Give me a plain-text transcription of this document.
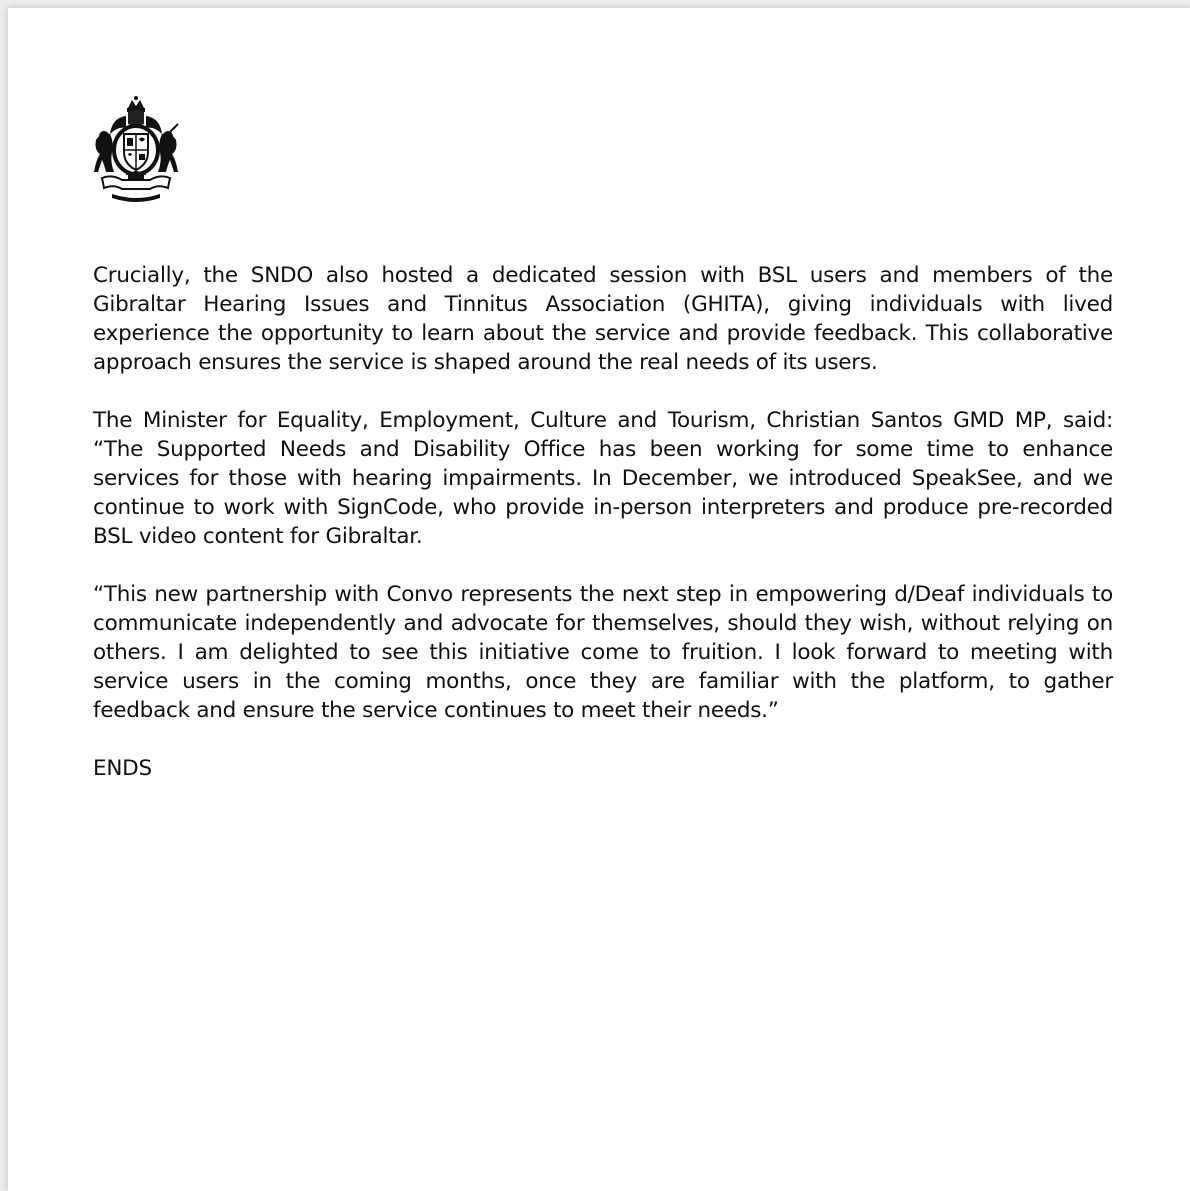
Crucially, the SNDO also hosted a dedicated session with BSL users and members of the Gibraltar Hearing Issues and Tinnitus Association (GHITA), giving individuals with lived experience the opportunity to learn about the service and provide feedback. This collaborative approach ensures the service is shaped around the real needs of its users.

The Minister for Equality, Employment, Culture and Tourism, Christian Santos GMD MP, said: “The Supported Needs and Disability Office has been working for some time to enhance services for those with hearing impairments. In December, we introduced SpeakSee, and we continue to work with SignCode, who provide in-person interpreters and produce pre-recorded BSL video content for Gibraltar.

“This new partnership with Convo represents the next step in empowering d/Deaf individuals to communicate independently and advocate for themselves, should they wish, without relying on others. I am delighted to see this initiative come to fruition. I look forward to meeting with service users in the coming months, once they are familiar with the platform, to gather feedback and ensure the service continues to meet their needs.”

ENDS
